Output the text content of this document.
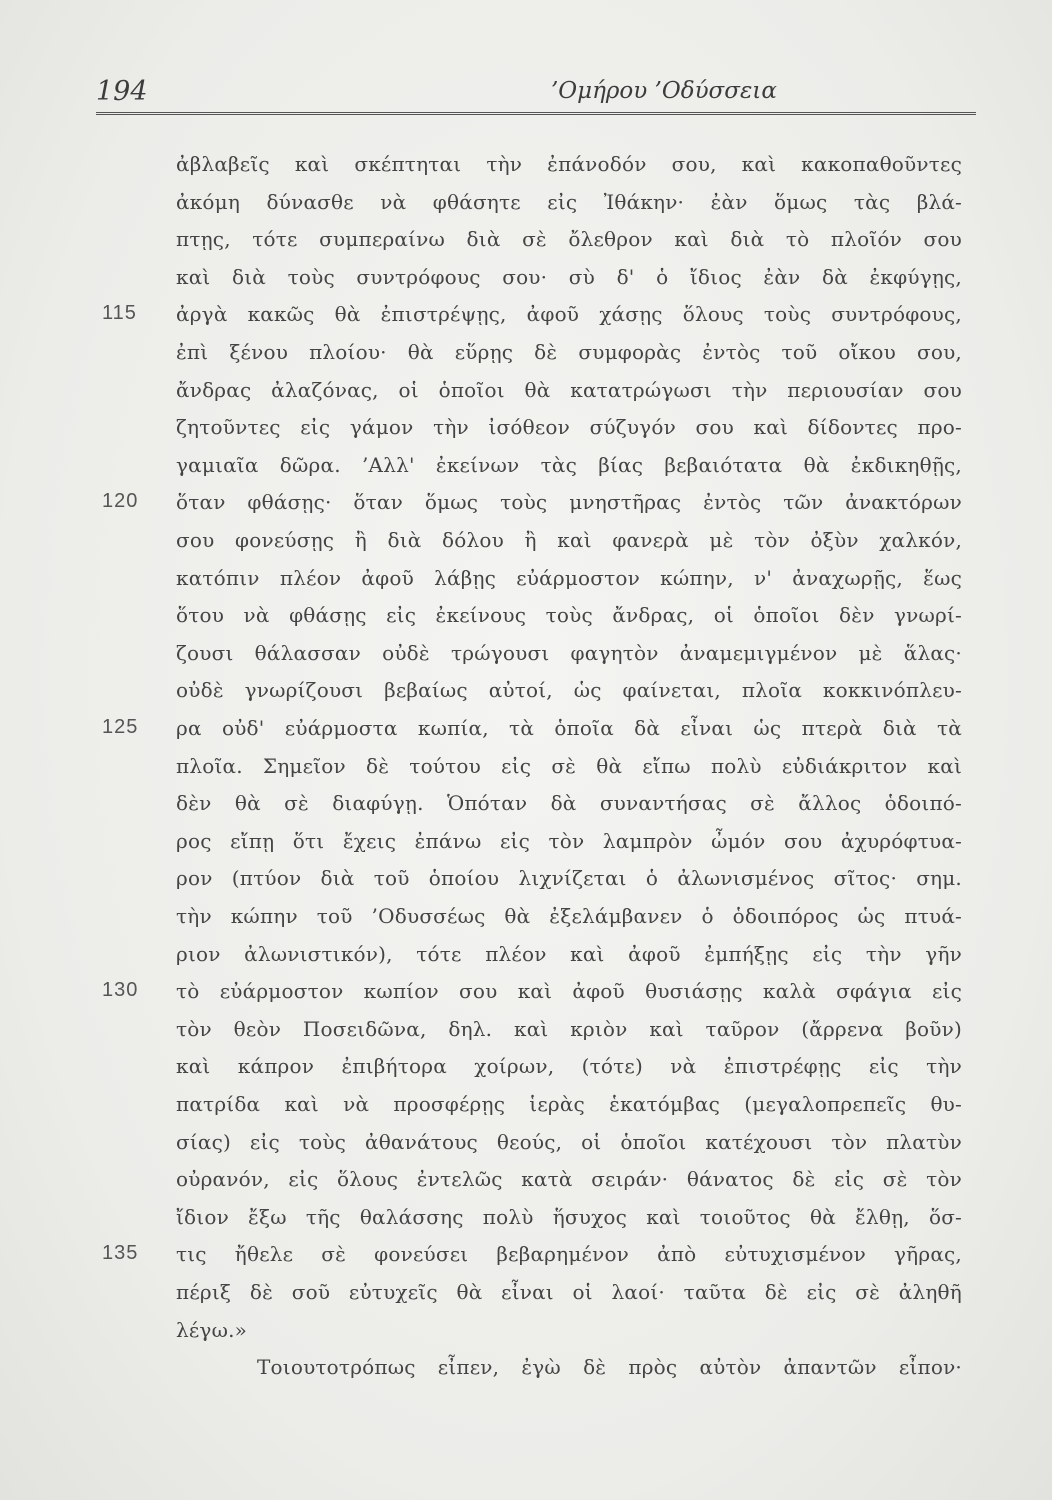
194	’Ομήρου ’Οδύσσεια
ἀβλαβεῖς καὶ σκέπτηται τὴν ἐπάνοδόν σου, καὶ κακοπαθοῦντες
ἀκόμη δύνασθε νὰ φθάσητε εἰς Ἰθάκην· ἐὰν ὅμως τὰς βλά-
πτῃς, τότε συμπεραίνω διὰ σὲ ὄλεθρον καὶ διὰ τὸ πλοῖόν σου
καὶ διὰ τοὺς συντρόφους σου· σὺ δ' ὁ ἴδιος ἐὰν δὰ ἐκφύγῃς,
115 ἀργὰ κακῶς θὰ ἐπιστρέψῃς, ἀφοῦ χάσῃς ὅλους τοὺς συντρόφους,
ἐπὶ ξένου πλοίου· θὰ εὕρῃς δὲ συμφορὰς ἐντὸς τοῦ οἴκου σου,
ἄνδρας ἀλαζόνας, οἱ ὁποῖοι θὰ κατατρώγωσι τὴν περιουσίαν σου
ζητοῦντες εἰς γάμον τὴν ἰσόθεον σύζυγόν σου καὶ δίδοντες προ-
γαμιαῖα δῶρα. ’Αλλ' ἐκείνων τὰς βίας βεβαιότατα θὰ ἐκδικηθῇς,
120 ὅταν φθάσῃς· ὅταν ὅμως τοὺς μνηστῆρας ἐντὸς τῶν ἀνακτόρων
σου φονεύσῃς ἢ διὰ δόλου ἢ καὶ φανερὰ μὲ τὸν ὀξὺν χαλκόν,
κατόπιν πλέον ἀφοῦ λάβῃς εὐάρμοστον κώπην, ν' ἀναχωρῇς, ἕως
ὅτου νὰ φθάσῃς εἰς ἐκείνους τοὺς ἄνδρας, οἱ ὁποῖοι δὲν γνωρί-
ζουσι θάλασσαν οὐδὲ τρώγουσι φαγητὸν ἀναμεμιγμένον μὲ ἅλας·
οὐδὲ γνωρίζουσι βεβαίως αὐτοί, ὡς φαίνεται, πλοῖα κοκκινόπλευ-
125 ρα οὐδ' εὐάρμοστα κωπία, τὰ ὁποῖα δὰ εἶναι ὡς πτερὰ διὰ τὰ
πλοῖα. Σημεῖον δὲ τούτου εἰς σὲ θὰ εἴπω πολὺ εὐδιάκριτον καὶ
δὲν θὰ σὲ διαφύγῃ. Ὁπόταν δὰ συναντήσας σὲ ἄλλος ὁδοιπό-
ρος εἴπῃ ὅτι ἔχεις ἐπάνω εἰς τὸν λαμπρὸν ὦμόν σου ἀχυρόφτυα-
ρον (πτύον διὰ τοῦ ὁποίου λιχνίζεται ὁ ἀλωνισμένος σῖτος· σημ.
τὴν κώπην τοῦ ’Οδυσσέως θὰ ἐξελάμβανεν ὁ ὁδοιπόρος ὡς πτυά-
ριον ἀλωνιστικόν), τότε πλέον καὶ ἀφοῦ ἐμπήξῃς εἰς τὴν γῆν
130 τὸ εὐάρμοστον κωπίον σου καὶ ἀφοῦ θυσιάσῃς καλὰ σφάγια εἰς
τὸν θεὸν Ποσειδῶνα, δηλ. καὶ κριὸν καὶ ταῦρον (ἄρρενα βοῦν)
καὶ κάπρον ἐπιβήτορα χοίρων, (τότε) νὰ ἐπιστρέφῃς εἰς τὴν
πατρίδα καὶ νὰ προσφέρῃς ἱερὰς ἑκατόμβας (μεγαλοπρεπεῖς θυ-
σίας) εἰς τοὺς ἀθανάτους θεούς, οἱ ὁποῖοι κατέχουσι τὸν πλατὺν
οὐρανόν, εἰς ὅλους ἐντελῶς κατὰ σειράν· θάνατος δὲ εἰς σὲ τὸν
ἴδιον ἔξω τῆς θαλάσσης πολὺ ἥσυχος καὶ τοιοῦτος θὰ ἔλθῃ, ὅσ-
135 τις ἤθελε σὲ φονεύσει βεβαρημένον ἀπὸ εὐτυχισμένον γῆρας,
πέριξ δὲ σοῦ εὐτυχεῖς θὰ εἶναι οἱ λαοί· ταῦτα δὲ εἰς σὲ ἀληθῆ
λέγω.»
Τοιουτοτρόπως εἶπεν, ἐγὼ δὲ πρὸς αὐτὸν ἀπαντῶν εἶπον·
